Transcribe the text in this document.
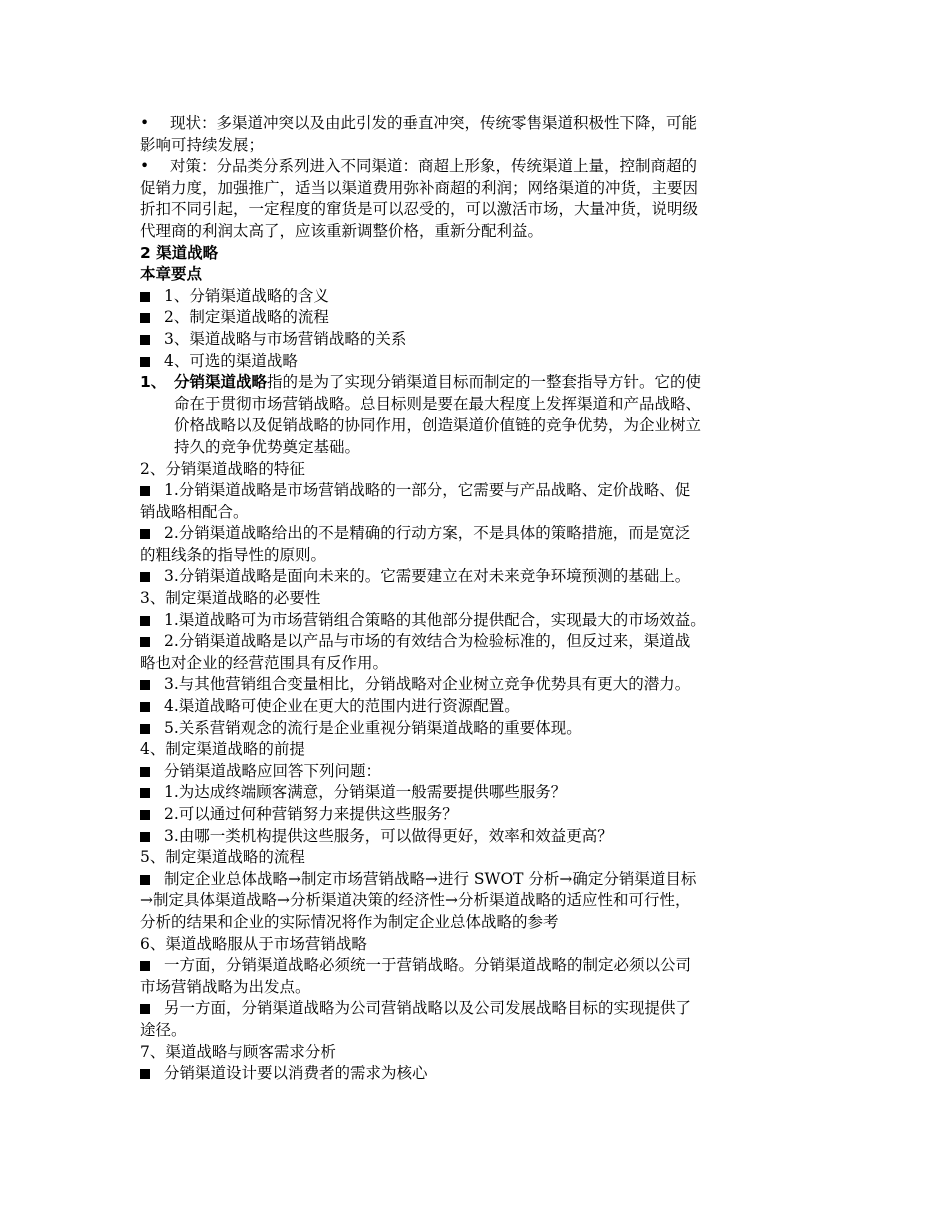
• 现状：多渠道冲突以及由此引发的垂直冲突，传统零售渠道积极性下降，可能
影响可持续发展；
• 对策：分品类分系列进入不同渠道：商超上形象，传统渠道上量，控制商超的
促销力度，加强推广，适当以渠道费用弥补商超的利润；网络渠道的冲货，主要因
折扣不同引起，一定程度的窜货是可以忍受的，可以激活市场，大量冲货，说明级
代理商的利润太高了，应该重新调整价格，重新分配利益。
2 渠道战略
本章要点
1、分销渠道战略的含义
2、制定渠道战略的流程
3、渠道战略与市场营销战略的关系
4、可选的渠道战略
1、 分销渠道战略指的是为了实现分销渠道目标而制定的一整套指导方针。它的使
命在于贯彻市场营销战略。总目标则是要在最大程度上发挥渠道和产品战略、
价格战略以及促销战略的协同作用，创造渠道价值链的竞争优势，为企业树立
持久的竞争优势奠定基础。
2、分销渠道战略的特征
1.分销渠道战略是市场营销战略的一部分，它需要与产品战略、定价战略、促
销战略相配合。
2.分销渠道战略给出的不是精确的行动方案，不是具体的策略措施，而是宽泛
的粗线条的指导性的原则。
3.分销渠道战略是面向未来的。它需要建立在对未来竞争环境预测的基础上。
3、制定渠道战略的必要性
1.渠道战略可为市场营销组合策略的其他部分提供配合，实现最大的市场效益。
2.分销渠道战略是以产品与市场的有效结合为检验标准的，但反过来，渠道战
略也对企业的经营范围具有反作用。
3.与其他营销组合变量相比，分销战略对企业树立竞争优势具有更大的潜力。
4.渠道战略可使企业在更大的范围内进行资源配置。
5.关系营销观念的流行是企业重视分销渠道战略的重要体现。
4、制定渠道战略的前提
分销渠道战略应回答下列问题：
1.为达成终端顾客满意，分销渠道一般需要提供哪些服务？
2.可以通过何种营销努力来提供这些服务？
3.由哪一类机构提供这些服务，可以做得更好，效率和效益更高？
5、制定渠道战略的流程
制定企业总体战略→制定市场营销战略→进行 SWOT 分析→确定分销渠道目标
→制定具体渠道战略→分析渠道决策的经济性→分析渠道战略的适应性和可行性，
分析的结果和企业的实际情况将作为制定企业总体战略的参考
6、渠道战略服从于市场营销战略
一方面，分销渠道战略必须统一于营销战略。分销渠道战略的制定必须以公司
市场营销战略为出发点。
另一方面，分销渠道战略为公司营销战略以及公司发展战略目标的实现提供了
途径。
7、渠道战略与顾客需求分析
分销渠道设计要以消费者的需求为核心
